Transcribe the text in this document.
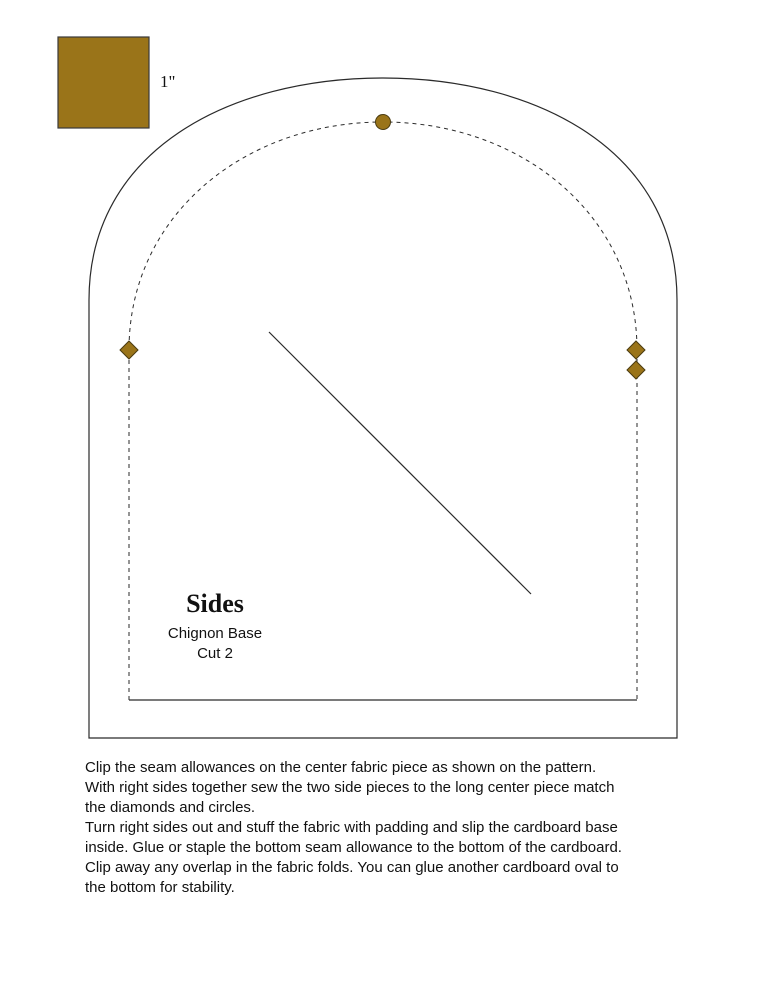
1"
Sides
Chignon Base
Cut 2
Clip the seam allowances on the center fabric piece as shown on the pattern.
With right sides together sew the two side pieces to the long center piece match
the diamonds and circles.
Turn right sides out and stuff the fabric with padding and slip the cardboard base
inside. Glue or staple the bottom seam allowance to the bottom of the cardboard.
Clip away any overlap in the fabric folds. You can glue another cardboard oval to
the bottom for stability.
